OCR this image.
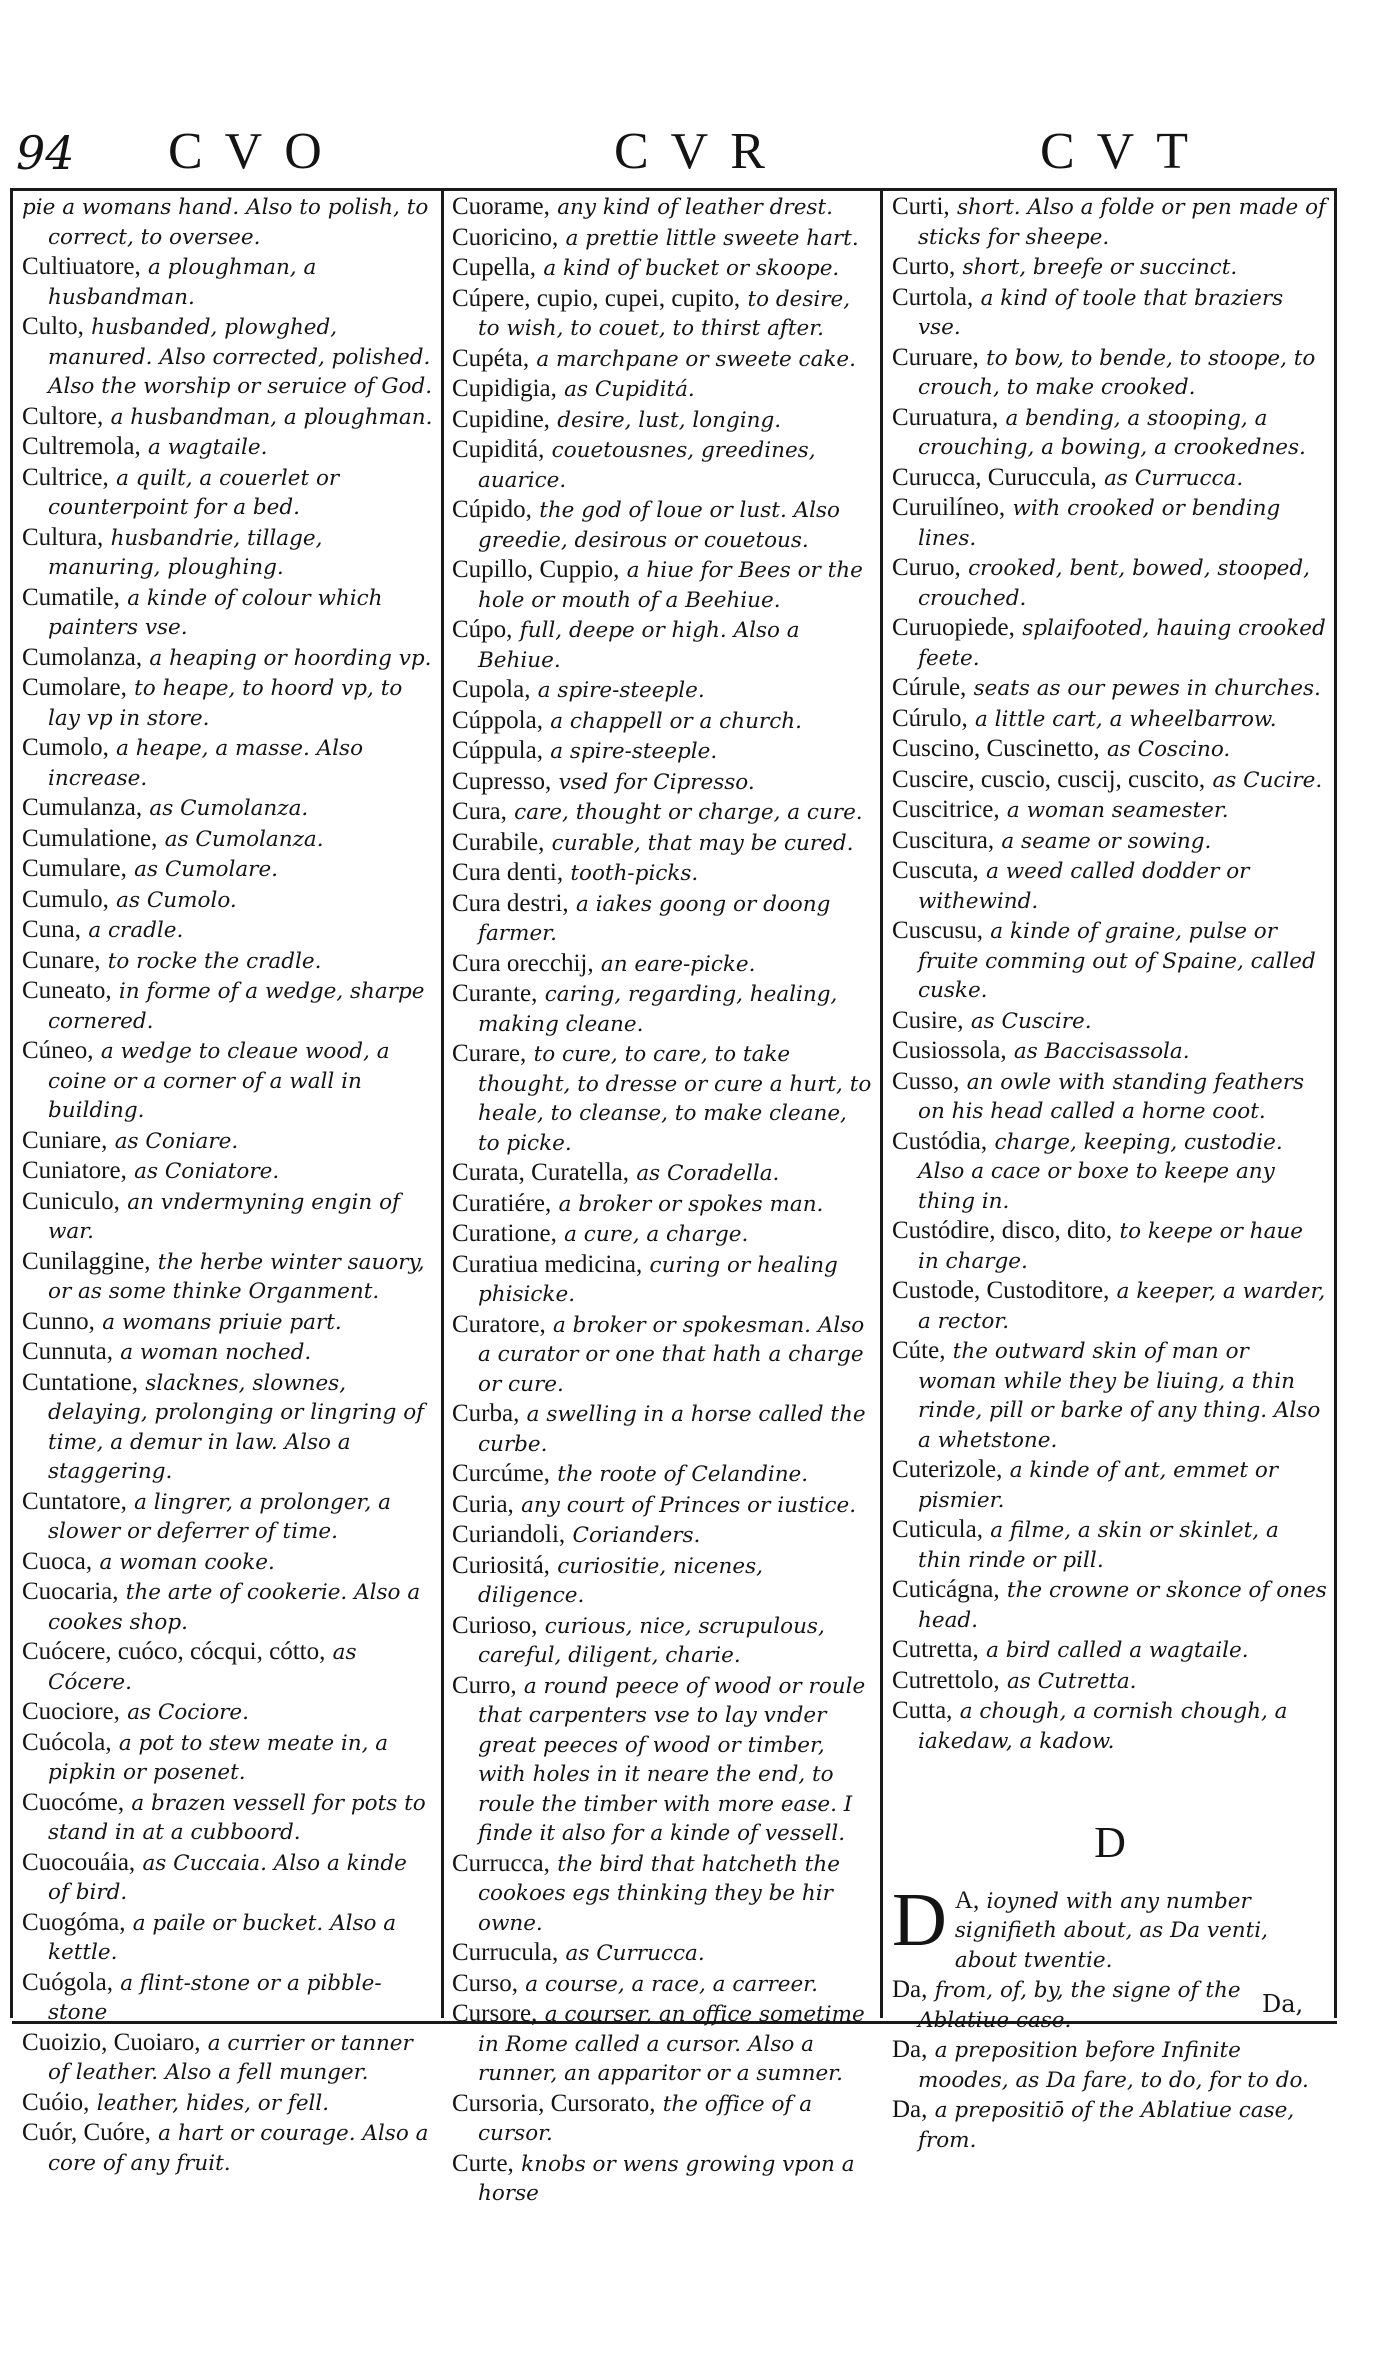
94 CVO	CVR	CVT

pie a womans hand. Also to polish, to correct, to oversee.

Cultiuatore, a ploughman, a husbandman.

Culto, husbanded, plowghed, manured. Also corrected, polished. Also the worship or seruice of God.

Cultore, a husbandman, a ploughman.

Cultremola, a wagtaile.

Cultrice, a quilt, a couerlet or counterpoint for a bed.

Cultura, husbandrie, tillage, manuring, ploughing.

Cumatile, a kinde of colour which painters vse.

Cumolanza, a heaping or hoording vp.

Cumolare, to heape, to hoord vp, to lay vp in store.

Cumolo, a heape, a masse. Also increase.

Cumulanza, as Cumolanza.

Cumulatione, as Cumolanza.

Cumulare, as Cumolare.

Cumulo, as Cumolo.

Cuna, a cradle.

Cunare, to rocke the cradle.

Cuneato, in forme of a wedge, sharpe cornered.

Cúneo, a wedge to cleaue wood, a coine or a corner of a wall in building.

Cuniare, as Coniare.

Cuniatore, as Coniatore.

Cuniculo, an vndermyning engin of war.

Cunilaggine, the herbe winter sauory, or as some thinke Organment.

Cunno, a womans priuie part.

Cunnuta, a woman noched.

Cuntatione, slacknes, slownes, delaying, prolonging or lingring of time, a demur in law. Also a staggering.

Cuntatore, a lingrer, a prolonger, a slower or deferrer of time.

Cuoca, a woman cooke.

Cuocaria, the arte of cookerie. Also a cookes shop.

Cuócere, cuóco, cócqui, cótto, as Cócere.

Cuociore, as Cociore.

Cuócola, a pot to stew meate in, a pipkin or posenet.

Cuocóme, a brazen vessell for pots to stand in at a cubboord.

Cuocouáia, as Cuccaia. Also a kinde of bird.

Cuogóma, a paile or bucket. Also a kettle.

Cuógola, a flint-stone or a pibble-stone

Cuoizio, Cuoiaro, a currier or tanner of leather. Also a fell munger.

Cuóio, leather, hides, or fell.

Cuór, Cuóre, a hart or courage. Also a core of any fruit.

Cuorame, any kind of leather drest.

Cuoricino, a prettie little sweete hart.

Cupella, a kind of bucket or skoope.

Cúpere, cupio, cupei, cupito, to desire, to wish, to couet, to thirst after.

Cupéta, a marchpane or sweete cake.

Cupidigia, as Cupiditá.

Cupidine, desire, lust, longing.

Cupiditá, couetousnes, greedines, auarice.

Cúpido, the god of loue or lust. Also greedie, desirous or couetous.

Cupillo, Cuppio, a hiue for Bees or the hole or mouth of a Beehiue.

Cúpo, full, deepe or high. Also a Behiue.

Cupola, a spire-steeple.

Cúppola, a chappell or a church.

Cúppula, a spire-steeple.

Cupresso, vsed for Cipresso.

Cura, care, thought or charge, a cure.

Curabile, curable, that may be cured.

Cura denti, tooth-picks.

Cura destri, a iakes goong or doong farmer.

Cura orecchij, an eare-picke.

Curante, caring, regarding, healing, making cleane.

Curare, to cure, to care, to take thought, to dresse or cure a hurt, to heale, to cleanse, to make cleane, to picke.

Curata, Curatella, as Coradella.

Curatiére, a broker or spokes man.

Curatione, a cure, a charge.

Curatiua medicina, curing or healing phisicke.

Curatore, a broker or spokesman. Also a curator or one that hath a charge or cure.

Curba, a swelling in a horse called the curbe.

Curcúme, the roote of Celandine.

Curia, any court of Princes or iustice.

Curiandoli, Corianders.

Curiositá, curiositie, nicenes, diligence.

Curioso, curious, nice, scrupulous, careful, diligent, charie.

Curro, a round peece of wood or roule that carpenters vse to lay vnder great peeces of wood or timber, with holes in it neare the end, to roule the timber with more ease. I finde it also for a kinde of vessell.

Currucca, the bird that hatcheth the cookoes egs thinking they be hir owne.

Currucula, as Currucca.

Curso, a course, a race, a carreer.

Cursore, a courser, an office sometime in Rome called a cursor. Also a runner, an apparitor or a sumner.

Cursoria, Cursorato, the office of a cursor.

Curte, knobs or wens growing vpon a horse

Curti, short. Also a folde or pen made of sticks for sheepe.

Curto, short, breefe or succinct.

Curtola, a kind of toole that braziers vse.

Curuare, to bow, to bende, to stoope, to crouch, to make crooked.

Curuatura, a bending, a stooping, a crouching, a bowing, a crookednes.

Curucca, Curuccula, as Currucca.

Curuilíneo, with crooked or bending lines.

Curuo, crooked, bent, bowed, stooped, crouched.

Curuopiede, splaifooted, hauing crooked feete.

Cúrule, seats as our pewes in churches.

Cúrulo, a little cart, a wheelbarrow.

Cuscino, Cuscinetto, as Coscino.

Cuscire, cuscio, cuscij, cuscito, as Cucire.

Cuscitrice, a woman seamester.

Cuscitura, a seame or sowing.

Cuscuta, a weed called dodder or withewind.

Cuscusu, a kinde of graine, pulse or fruite comming out of Spaine, called cuske.

Cusire, as Cuscire.

Cusiossola, as Baccisassola.

Cusso, an owle with standing feathers on his head called a horne coot.

Custódia, charge, keeping, custodie. Also a cace or boxe to keepe any thing in.

Custódire, disco, dito, to keepe or haue in charge.

Custode, Custoditore, a keeper, a warder, a rector.

Cúte, the outward skin of man or woman while they be liuing, a thin rinde, pill or barke of any thing. Also a whetstone.

Cuterizole, a kinde of ant, emmet or pismier.

Cuticula, a filme, a skin or skinlet, a thin rinde or pill.

Cuticágna, the crowne or skonce of ones head.

Cutretta, a bird called a wagtaile.

Cutrettolo, as Cutretta.

Cutta, a chough, a cornish chough, a iakedaw, a kadow.

D

D A, ioyned with any number signifieth about, as Da venti, about twentie.

Da, from, of, by, the signe of the Ablatiue case.

Da, a preposition before Infinite moodes, as Da fare, to do, for to do.

Da, a prepositiō of the Ablatiue case, from.

Da,
